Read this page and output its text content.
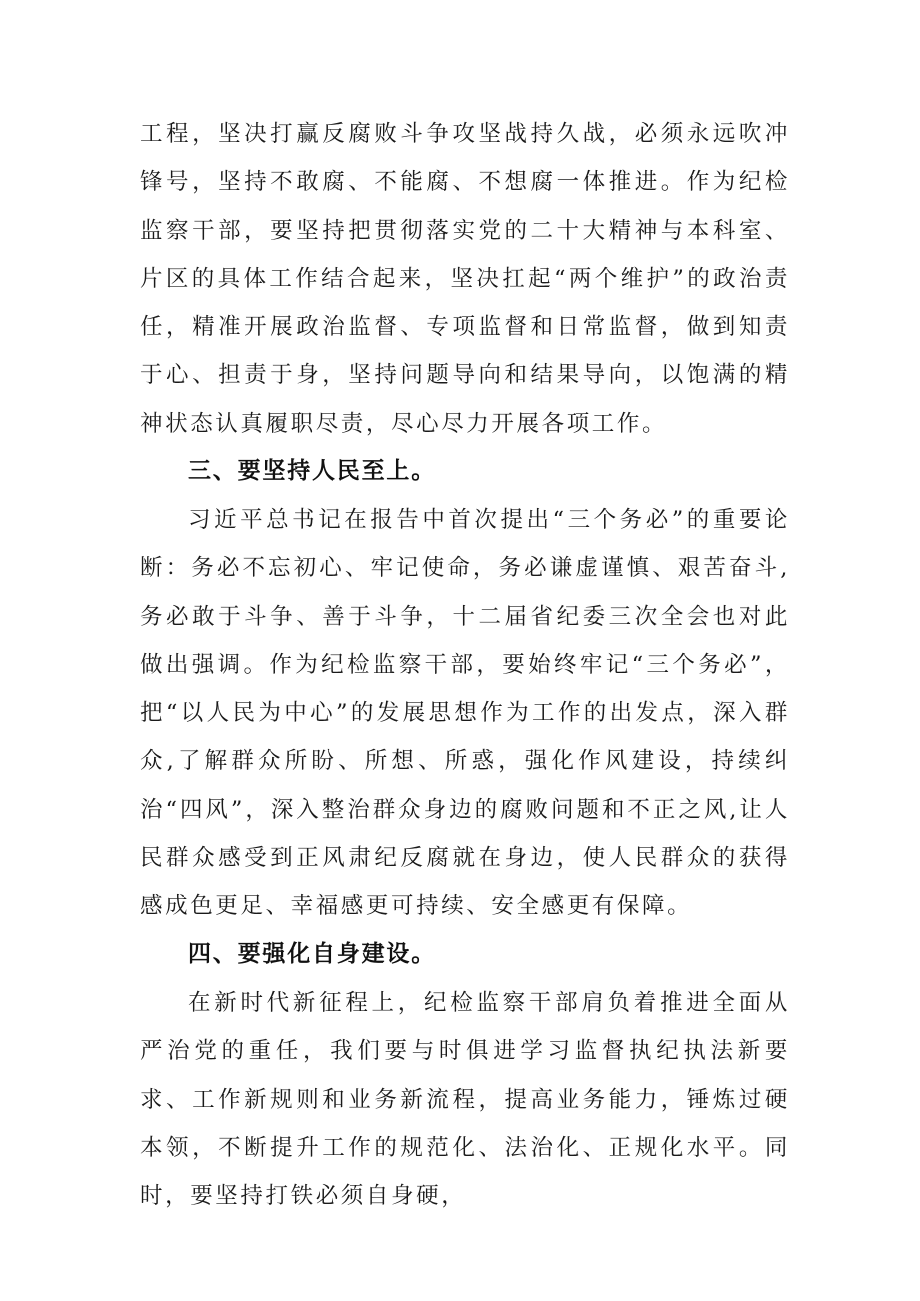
工程，坚决打赢反腐败斗争攻坚战持久战，必须永远吹冲锋号，坚持不敢腐、不能腐、不想腐一体推进。作为纪检监察干部，要坚持把贯彻落实党的二十大精神与本科室、片区的具体工作结合起来，坚决扛起“两个维护”的政治责任，精准开展政治监督、专项监督和日常监督，做到知责于心、担责于身，坚持问题导向和结果导向，以饱满的精神状态认真履职尽责，尽心尽力开展各项工作。

三、要坚持人民至上。

习近平总书记在报告中首次提出“三个务必”的重要论断：务必不忘初心、牢记使命，务必谦虚谨慎、艰苦奋斗,务必敢于斗争、善于斗争，十二届省纪委三次全会也对此做出强调。作为纪检监察干部，要始终牢记“三个务必”，把“以人民为中心”的发展思想作为工作的出发点，深入群众,了解群众所盼、所想、所惑，强化作风建设，持续纠治“四风”，深入整治群众身边的腐败问题和不正之风,让人民群众感受到正风肃纪反腐就在身边，使人民群众的获得感成色更足、幸福感更可持续、安全感更有保障。

四、要强化自身建设。

在新时代新征程上，纪检监察干部肩负着推进全面从严治党的重任，我们要与时俱进学习监督执纪执法新要求、工作新规则和业务新流程，提高业务能力，锤炼过硬本领，不断提升工作的规范化、法治化、正规化水平。同时，要坚持打铁必须自身硬，
